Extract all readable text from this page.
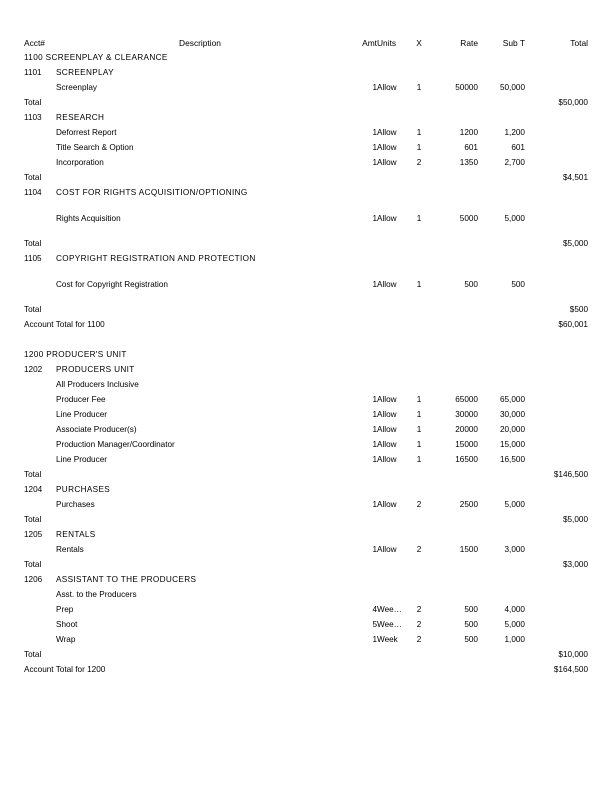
Acct#	Description	Amt	Units	X	Rate	Sub T	Total
1100 SCREENPLAY & CLEARANCE							
1101	SCREENPLAY						
	Screenplay	1	Allow	1	50000	50,000	
Total							$50,000
1103	RESEARCH						
	Deforrest Report	1	Allow	1	1200	1,200	
	Title Search & Option	1	Allow	1	601	601	
	Incorporation	1	Allow	2	1350	2,700	
Total							$4,501
1104	COST FOR RIGHTS ACQUISITION/OPTIONING						
	Rights Acquisition	1	Allow	1	5000	5,000	
Total							$5,000
1105	COPYRIGHT REGISTRATION AND PROTECTION						
	Cost for Copyright Registration	1	Allow	1	500	500	
Total							$500
Account Total for 1100							$60,001

1200 PRODUCER'S UNIT							
1202	PRODUCERS UNIT						
	All Producers Inclusive						
	Producer Fee	1	Allow	1	65000	65,000	
	Line Producer	1	Allow	1	30000	30,000	
	Associate Producer(s)	1	Allow	1	20000	20,000	
	Production Manager/Coordinator	1	Allow	1	15000	15,000	
	Line Producer	1	Allow	1	16500	16,500	
Total							$146,500
1204	PURCHASES						
	Purchases	1	Allow	2	2500	5,000	
Total							$5,000
1205	RENTALS						
	Rentals	1	Allow	2	1500	3,000	
Total							$3,000
1206	ASSISTANT TO THE PRODUCERS						
	Asst. to the Producers						
	Prep	4	Wee…	2	500	4,000	
	Shoot	5	Wee…	2	500	5,000	
	Wrap	1	Week	2	500	1,000	
Total							$10,000
Account Total for 1200							$164,500
